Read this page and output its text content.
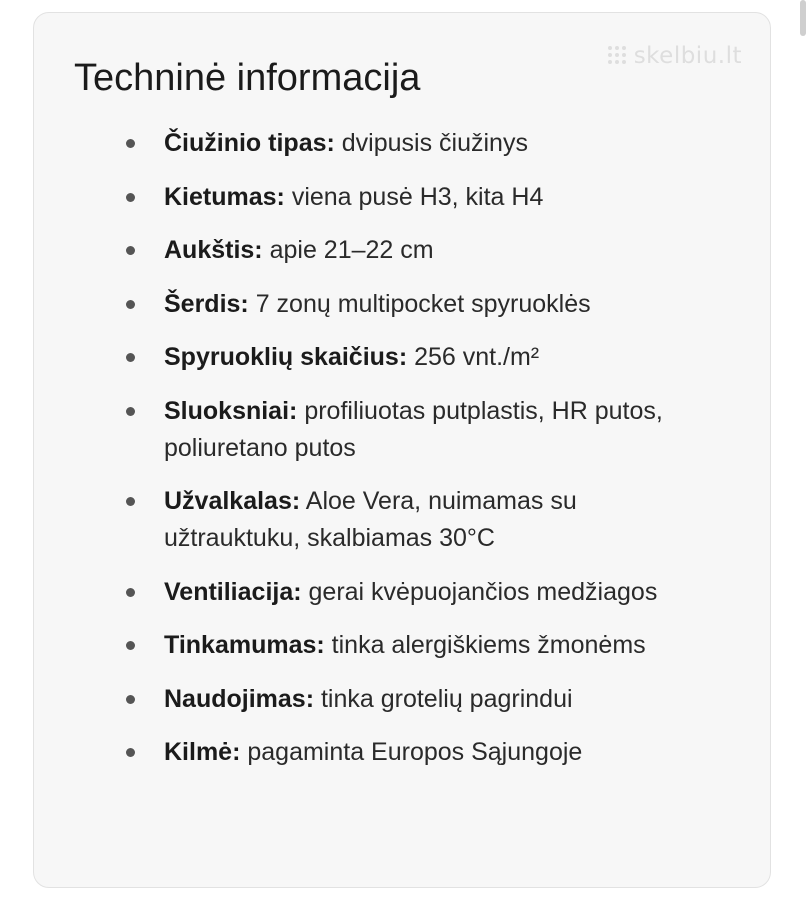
skelbiu.lt
Techninė informacija
Čiužinio tipas: dvipusis čiužinys
Kietumas: viena pusė H3, kita H4
Aukštis: apie 21–22 cm
Šerdis: 7 zonų multipocket spyruoklės
Spyruoklių skaičius: 256 vnt./m²
Sluoksniai: profiliuotas putplastis, HR putos, poliuretano putos
Užvalkalas: Aloe Vera, nuimamas su užtrauktuku, skalbiamas 30°C
Ventiliacija: gerai kvėpuojančios medžiagos
Tinkamumas: tinka alergiškiems žmonėms
Naudojimas: tinka grotelių pagrindui
Kilmė: pagaminta Europos Sąjungoje
